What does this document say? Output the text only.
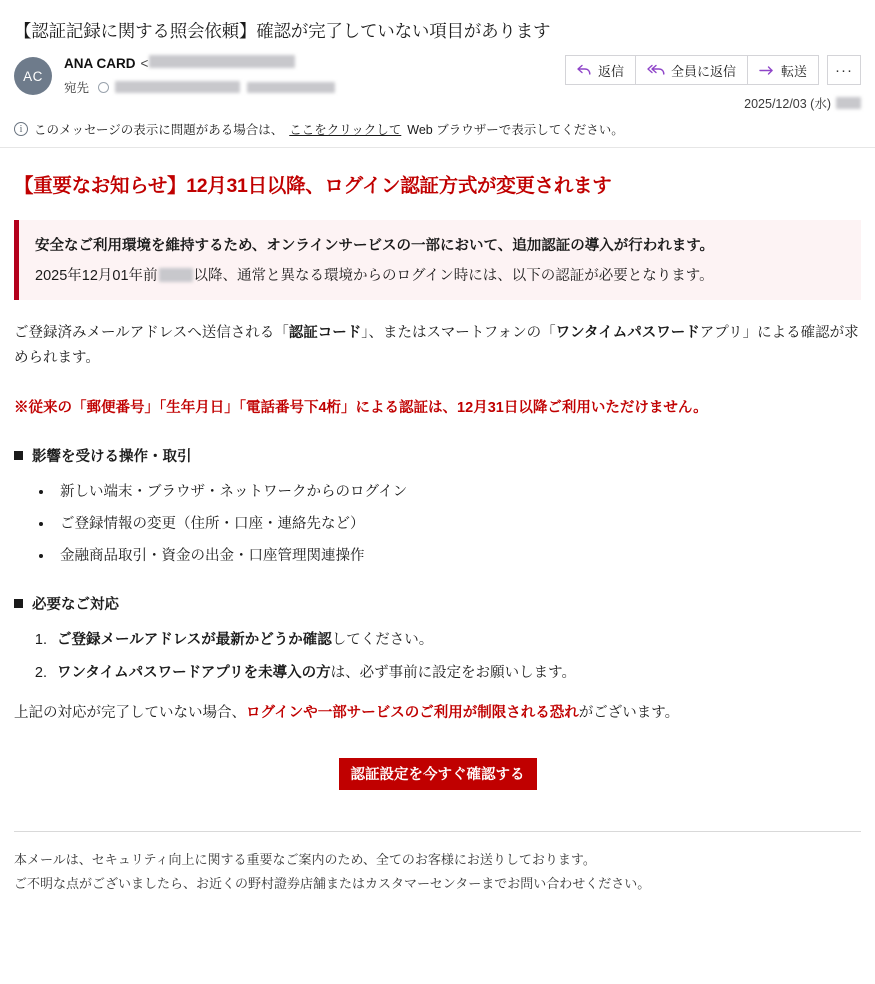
【認証記録に関する照会依頼】確認が完了していない項目があります
AC
ANA CARD <
宛先
返信	全員に返信	転送	···
2025/12/03 (水)
i このメッセージの表示に問題がある場合は、 ここをクリックして Web ブラウザーで表示してください。
【重要なお知らせ】12月31日以降、ログイン認証方式が変更されます
安全なご利用環境を維持するため、オンラインサービスの一部において、追加認証の導入が行われます。
2025年12月01年前 以降、通常と異なる環境からのログイン時には、以下の認証が必要となります。

ご登録済みメールアドレスへ送信される「認証コード」、またはスマートフォンの「ワンタイムパスワードアプリ」による確認が求められます。

※従来の「郵便番号」「生年月日」「電話番号下4桁」による認証は、12月31日以降ご利用いただけません。

影響を受ける操作・取引
• 新しい端末・ブラウザ・ネットワークからのログイン
• ご登録情報の変更（住所・口座・連絡先など）
• 金融商品取引・資金の出金・口座管理関連操作
必要なご対応
1. ご登録メールアドレスが最新かどうか確認してください。
2. ワンタイムパスワードアプリを未導入の方は、必ず事前に設定をお願いします。

上記の対応が完了していない場合、ログインや一部サービスのご利用が制限される恐れがございます。

認証設定を今すぐ確認する
本メールは、セキュリティ向上に関する重要なご案内のため、全てのお客様にお送りしております。
ご不明な点がございましたら、お近くの野村證券店舗またはカスタマーセンターまでお問い合わせください。
